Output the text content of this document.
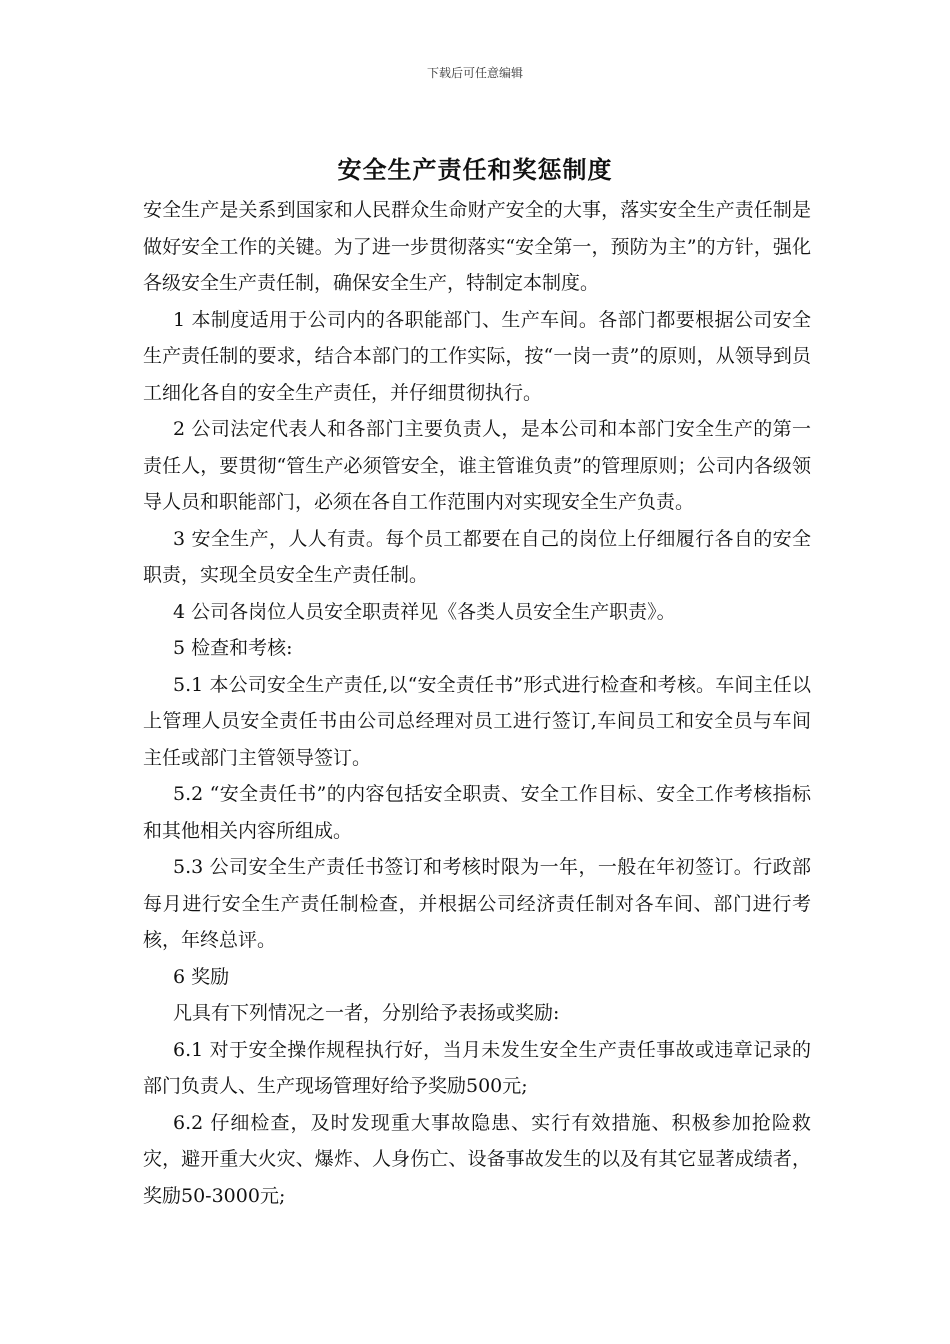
下载后可任意编辑
安全生产责任和奖惩制度

安全生产是关系到国家和人民群众生命财产安全的大事，落实安全生产责任制是做好安全工作的关键。为了进一步贯彻落实“安全第一，预防为主”的方针，强化各级安全生产责任制，确保安全生产，特制定本制度。

1 本制度适用于公司内的各职能部门、生产车间。各部门都要根据公司安全生产责任制的要求，结合本部门的工作实际，按“一岗一责”的原则，从领导到员工细化各自的安全生产责任，并仔细贯彻执行。

2 公司法定代表人和各部门主要负责人，是本公司和本部门安全生产的第一责任人，要贯彻“管生产必须管安全，谁主管谁负责”的管理原则；公司内各级领导人员和职能部门，必须在各自工作范围内对实现安全生产负责。

3 安全生产，人人有责。每个员工都要在自己的岗位上仔细履行各自的安全职责，实现全员安全生产责任制。

4 公司各岗位人员安全职责祥见《各类人员安全生产职责》。

5 检查和考核:

5.1 本公司安全生产责任,以“安全责任书”形式进行检查和考核。车间主任以上管理人员安全责任书由公司总经理对员工进行签订,车间员工和安全员与车间主任或部门主管领导签订。

5.2 “安全责任书”的内容包括安全职责、安全工作目标、安全工作考核指标和其他相关内容所组成。

5.3 公司安全生产责任书签订和考核时限为一年，一般在年初签订。行政部每月进行安全生产责任制检查，并根据公司经济责任制对各车间、部门进行考核，年终总评。

6 奖励

凡具有下列情况之一者，分别给予表扬或奖励:

6.1 对于安全操作规程执行好，当月未发生安全生产责任事故或违章记录的部门负责人、生产现场管理好给予奖励500元;

6.2 仔细检查，及时发现重大事故隐患、实行有效措施、积极参加抢险救灾，避开重大火灾、爆炸、人身伤亡、设备事故发生的以及有其它显著成绩者，奖励50-3000元;
